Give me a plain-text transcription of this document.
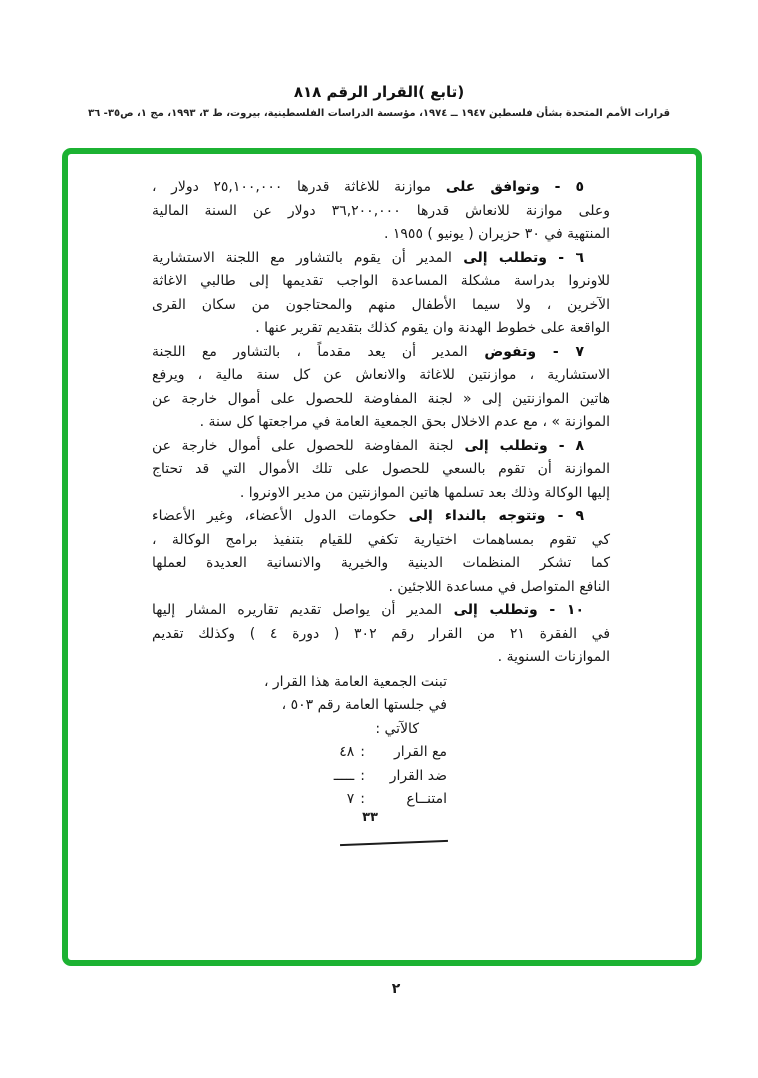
(تابع )القرار الرقم ٨١٨
قرارات الأمم المتحدة بشأن فلسطين ١٩٤٧ ــ ١٩٧٤، مؤسسة الدراسات الفلسطينية، بيروت، ط ٣، ١٩٩٣، مج ١، ص٣٥- ٣٦
٥ - وتوافق على موازنة للاغاثة قدرها ٢٥,١٠٠,٠٠٠ دولار ،
وعلى موازنة للانعاش قدرها ٣٦,٢٠٠,٠٠٠ دولار عن السنة المالية
المنتهية في ٣٠ حزيران ( يونيو ) ١٩٥٥ .
٦ - وتطلب إلى المدير أن يقوم بالتشاور مع اللجنة الاستشارية
للاونروا بدراسة مشكلة المساعدة الواجب تقديمها إلى طالبي الاغاثة
الآخرين ، ولا سيما الأطفال منهم والمحتاجون من سكان القرى
الواقعة على خطوط الهدنة وان يقوم كذلك بتقديم تقرير عنها .
٧ - وتفوض المدير أن يعد مقدماً ، بالتشاور مع اللجنة
الاستشارية ، موازنتين للاغاثة والانعاش عن كل سنة مالية ، ويرفع
هاتين الموازنتين إلى « لجنة المفاوضة للحصول على أموال خارجة عن
الموازنة » ، مع عدم الاخلال بحق الجمعية العامة في مراجعتها كل سنة .
٨ - وتطلب إلى لجنة المفاوضة للحصول على أموال خارجة عن
الموازنة أن تقوم بالسعي للحصول على تلك الأموال التي قد تحتاج
إليها الوكالة وذلك بعد تسلمها هاتين الموازنتين من مدير الاونروا .
٩ - وتتوجه بالنداء إلى حكومات الدول الأعضاء، وغير الأعضاء
كي تقوم بمساهمات اختيارية تكفي للقيام بتنفيذ برامج الوكالة ،
كما تشكر المنظمات الدينية والخيرية والانسانية العديدة لعملها
النافع المتواصل في مساعدة اللاجئين .
١٠ - وتطلب إلى المدير أن يواصل تقديم تقاريره المشار إليها
في الفقرة ٢١ من القرار رقم ٣٠٢ ( دورة ٤ ) وكذلك تقديم
الموازنات السنوية .
تبنت الجمعية العامة هذا القرار ،
في جلستها العامة رقم ٥٠٣ ،
كالآتي :
مع القرار
:
٤٨
ضد القرار
:
ـــــ
امتنــاع
:
٧
٣٣
٢
